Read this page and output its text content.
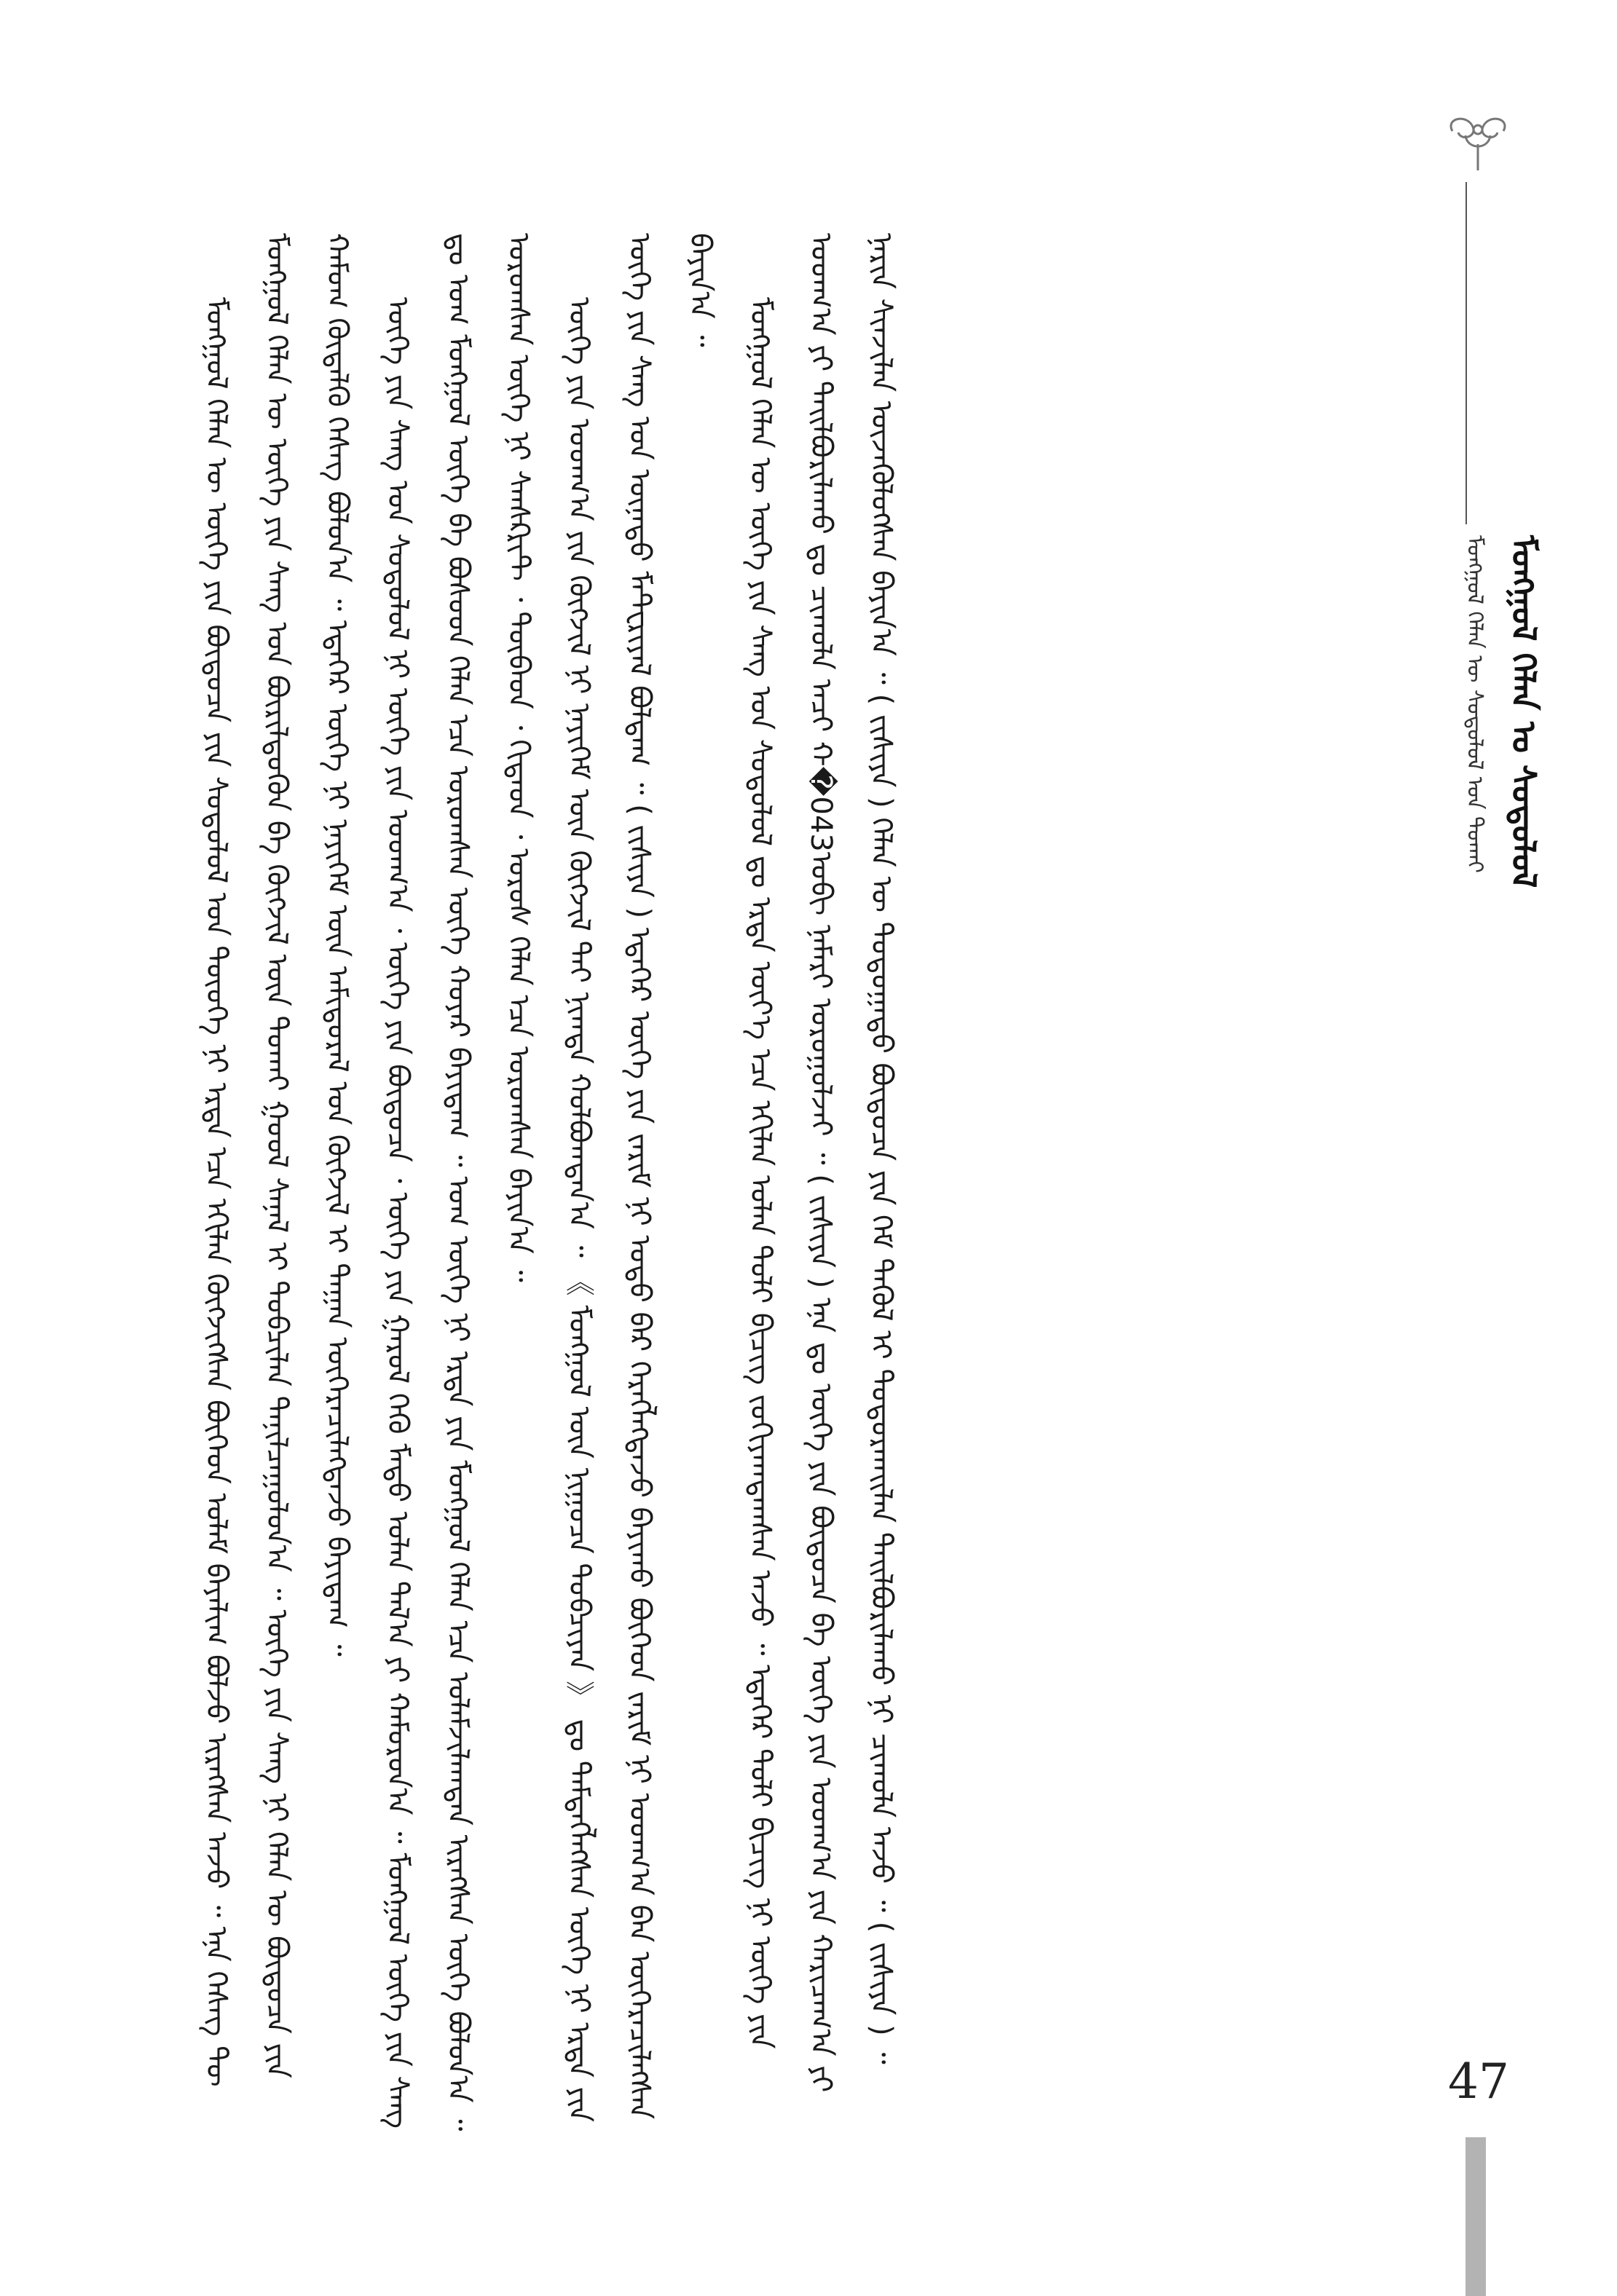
ᠮᠣᠩᠭᠣᠯ ᠬᠡᠯᠡᠨ ᠦ ᠰᠤᠳᠤᠯᠤᠯ ᠤᠨ ᠲᠤᠬᠠᠢ ᠮᠣᠩᠭᠣᠯ ᠬᠡᠯᠡᠨ ᠤ ᠰᠤᠳᠤᠯᠤᠯ

ᠮᠣᠩᠭᠣᠯ ᠬᠡᠯᠡᠨ ᠦ ᠦᠭᠡ ᠶᠢᠨ ᠪᠦᠲᠦᠴᠡ ᠶᠢᠨ ᠰᠤᠳᠤᠯᠤᠯ ᠤᠨ ᠲᠦᠦᠬᠡ ᠨᠢ ᠡᠷᠲᠡ ᠡᠴᠡ ᠡᠬᠢᠯᠡᠨ ᠬᠥᠭᠵᠢᠭᠰᠡᠨ ᠪᠥᠭᠡᠳ ᠤᠯᠠᠮ ᠪᠠᠶᠠᠯᠢᠭ ᠪᠣᠯᠵᠤ ᠢᠷᠡᠭᠰᠡᠨ ᠠᠵᠤ ᠃ ᠡᠨᠡ ᠬᠡᠰᠡᠭ ᠲᠦ ᠮᠣᠩᠭᠣᠯ ᠬᠡᠯᠡᠨ ᠦ ᠦᠭᠡ ᠶᠢᠨ ᠰᠠᠩ ᠤᠨ ᠪᠦᠷᠢᠯᠳᠦᠬᠦᠨ ᠪᠠ ᠬᠥᠭᠵᠢᠯ ᠦᠨ ᠲᠤᠬᠠᠢ ᠭᠣᠣᠯ ᠰᠠᠨᠠᠯ ᠢ ᠲᠣᠪᠴᠢᠯᠠᠨ ᠲᠠᠨᠢᠯᠴᠠᠭᠤᠯᠤᠨ᠎ᠠ ᠃ ᠦᠭᠡ ᠶᠢᠨ ᠰᠠᠩ ᠨᠢ ᠬᠡᠯᠡᠨ ᠦ ᠪᠦᠲᠦᠴᠡ ᠶᠢᠨ ᠬᠠᠮᠤᠭ ᠬᠥᠳᠡᠯᠬᠦ ᠬᠡᠰᠡᠭ ᠪᠣᠯᠤᠨ᠎ᠠ ᠃ ᠡᠳᠡᠭᠡᠷ ᠦᠭᠡ ᠨᠢ ᠨᠡᠶᠢᠭᠡᠮ ᠦᠨ ᠠᠮᠢᠳᠤᠷᠠᠯ ᠤᠨ ᠬᠥᠭᠵᠢᠯ ᠢ ᠳᠠᠭᠠᠨ ᠥᠭᠡᠷᠡᠴᠢᠯᠡᠭᠳᠡᠵᠦ ᠪᠠᠶᠢᠳᠠᠭ ᠃ ᠦᠭᠡ ᠶᠢᠨ ᠰᠠᠩ ᠤᠨ ᠰᠤᠳᠤᠯᠤᠯ ᠨᠢ ᠦᠭᠡ ᠶᠢᠨ ᠤᠳᠬ᠎ᠠ ᠂ ᠦᠭᠡ ᠶᠢᠨ ᠪᠦᠲᠦᠴᠡ ᠂ ᠦᠭᠡ ᠶᠢᠨ ᠭᠠᠷᠤᠯ ᠭᠡᠬᠦ ᠮᠡᠲᠦ ᠣᠯᠠᠨ ᠲᠠᠯ᠎ᠠ ᠶᠢ ᠬᠠᠮᠤᠷᠤᠨ᠎ᠠ ᠃ ᠮᠣᠩᠭᠣᠯ ᠦᠭᠡ ᠶᠢᠨ ᠰᠠᠩ ᠳᠤ ᠤᠭ ᠮᠣᠩᠭᠣᠯ ᠦᠭᠡ ᠪᠠ ᠪᠤᠰᠤᠳ ᠬᠡᠯᠡᠨ ᠡᠴᠡ ᠣᠷᠣᠭᠰᠠᠨ ᠦᠭᠡ ᠬᠣᠶᠠᠷ ᠪᠠᠶᠢᠳᠠᠭ ᠃ ᠤᠭ ᠦᠭᠡ ᠨᠢ ᠡᠷᠲᠡ ᠶᠢᠨ ᠮᠣᠩᠭᠣᠯ ᠬᠡᠯᠡᠨ ᠡᠴᠡ ᠤᠯᠠᠮᠵᠢᠯᠠᠭᠳᠠᠨ ᠢᠷᠡᠭᠰᠡᠨ ᠦᠭᠡ ᠪᠣᠯᠤᠨ᠎ᠠ ᠃ ᠣᠷᠣᠭᠰᠠᠨ ᠦᠭᠡ ᠨᠢ ᠰᠠᠨᠰᠺᠷᠢᠲ ᠂ ᠲᠥᠪᠡᠳ ᠂ ᠬᠢᠲᠠᠳ ᠂ ᠣᠷᠣᠰ ᠬᠡᠯᠡᠨ ᠡᠴᠡ ᠣᠷᠣᠭᠰᠠᠨ ᠪᠠᠶᠢᠨ᠎ᠠ ᠃ ᠦᠭᠡ ᠶᠢᠨ ᠤᠳᠬ᠎ᠠ ᠶᠢᠨ ᠬᠥᠭᠵᠢᠯ ᠨᠢ ᠨᠡᠶᠢᠭᠡᠮ ᠦᠨ ᠬᠥᠭᠵᠢᠯ ᠲᠡᠢ ᠨᠢᠭᠲᠠ ᠬᠣᠯᠪᠣᠭᠳᠠᠨ᠎ᠠ ᠃ 《 ᠮᠣᠩᠭᠣᠯ ᠦᠨ ᠨᠢᠭᠤᠴᠠ ᠲᠣᠪᠴᠢᠶᠠᠨ 》 ᠳᠤ ᠲᠡᠮᠳᠡᠭᠯᠡᠭᠰᠡᠨ ᠦᠭᠡ ᠨᠢ ᠡᠷᠲᠡ ᠶᠢᠨ ᠦᠭᠡ ᠶᠢᠨ ᠰᠠᠩ ᠤᠨ ᠦᠨᠡᠲᠦ ᠮᠠᠲᠸᠷᠢᠶᠠᠯ ᠪᠣᠯᠳᠠᠭ ᠃ ( ᠵᠢᠱᠢᠶᠡ ) ᠡᠳᠡᠭᠡᠷ ᠦᠭᠡ ᠶᠢᠨ ᠵᠠᠷᠢᠮ ᠨᠢ ᠣᠳᠣ ᠪᠠᠷ ᠬᠡᠷᠡᠭᠯᠡᠭᠳᠡᠵᠦ ᠪᠠᠶᠢᠬᠤ ᠪᠥᠭᠡᠳ ᠵᠠᠷᠢᠮ ᠨᠢ ᠤᠳᠬ᠎ᠠ ᠪᠡᠨ ᠥᠭᠡᠷᠡᠴᠢᠯᠡᠭᠰᠡᠨ ᠪᠠᠶᠢᠨ᠎ᠠ ᠃

ᠮᠣᠩᠭᠣᠯ ᠬᠡᠯᠡᠨ ᠦ ᠦᠭᠡ ᠶᠢᠨ ᠰᠠᠩ ᠤᠨ ᠰᠤᠳᠤᠯᠤᠯ ᠳᠤ ᠡᠷᠲᠡ ᠦᠶ᠎ᠡ ᠡᠴᠡ ᠡᠬᠢᠯᠡᠨ ᠣᠯᠠᠨ ᠲᠣᠯᠢ ᠪᠢᠴᠢᠭ ᠵᠣᠬᠢᠶᠠᠭᠳᠠᠭᠰᠠᠨ ᠠᠵᠤ ᠃ ᠡᠳᠡᠭᠡᠷ ᠲᠣᠯᠢ ᠪᠢᠴᠢᠭ ᠨᠢ ᠦᠭᠡ ᠶᠢᠨ ᠤᠳᠬ᠎ᠠ ᠶᠢ ᠲᠠᠢᠯᠪᠤᠷᠢᠯᠠᠬᠤ ᠳᠤ ᠴᠢᠬᠤᠯᠠ ᠠᠴᠢ ᠬ�043ᠣᠪᠢ ᠨᠡᠮᠡᠷᠢ ᠣᠷᠣᠭᠤᠯᠵᠠᠢ ᠃ ( ᠵᠢᠱᠢᠶᠡ ) ᠡᠨᠡ ᠳᠤ ᠦᠭᠡ ᠶᠢᠨ ᠪᠦᠲᠦᠴᠡ ᠪᠠ ᠦᠭᠡ ᠶᠢᠨ ᠤᠳᠬ᠎ᠠ ᠶᠢᠨ ᠬᠠᠷᠢᠴᠠᠭ᠎ᠠ ᠶᠢ ᠨᠠᠷᠢᠨ ᠰᠢᠨᠵᠢᠯᠡᠨ ᠦᠵᠡᠭᠦᠯᠦᠭᠰᠡᠨ ᠪᠠᠶᠢᠨ᠎ᠠ ᠃ ( ᠵᠢᠱᠢᠶᠡ ) ᠬᠡᠯᠡᠨ ᠦ ᠳᠣᠲᠣᠭᠠᠳᠤ ᠪᠦᠲᠦᠴᠡ ᠶᠢᠨ ᠬᠡᠮ ᠲᠡᠭᠦᠯ ᠢ ᠲᠣᠳᠣᠷᠬᠠᠢᠯᠠᠨ ᠲᠠᠢᠯᠪᠤᠷᠢᠯᠠᠬᠤ ᠨᠢ ᠴᠢᠬᠤᠯᠠ ᠠᠵᠤ ᠃ ( ᠵᠢᠱᠢᠶᠡ ) ᠃

47
